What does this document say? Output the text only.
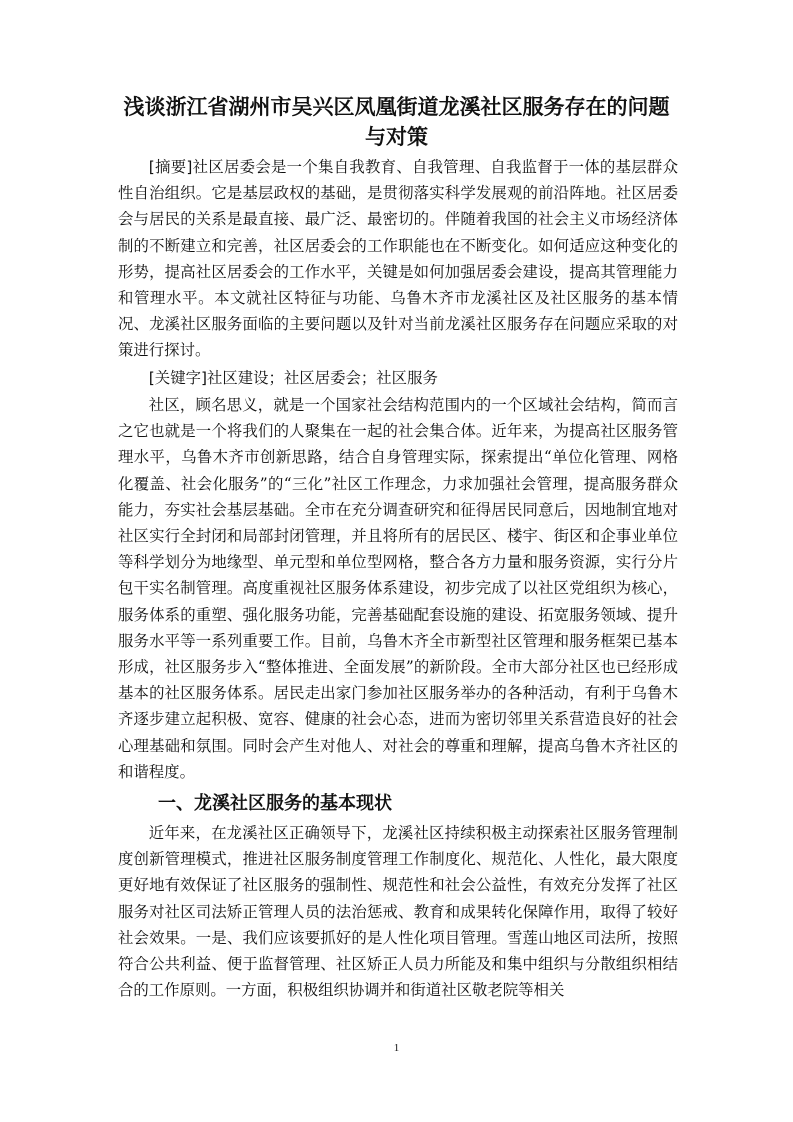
浅谈浙江省湖州市吴兴区凤凰街道龙溪社区服务存在的问题与对策

[摘要]社区居委会是一个集自我教育、自我管理、自我监督于一体的基层群众性自治组织。它是基层政权的基础，是贯彻落实科学发展观的前沿阵地。社区居委会与居民的关系是最直接、最广泛、最密切的。伴随着我国的社会主义市场经济体制的不断建立和完善，社区居委会的工作职能也在不断变化。如何适应这种变化的形势，提高社区居委会的工作水平，关键是如何加强居委会建设，提高其管理能力和管理水平。本文就社区特征与功能、乌鲁木齐市龙溪社区及社区服务的基本情况、龙溪社区服务面临的主要问题以及针对当前龙溪社区服务存在问题应采取的对策进行探讨。

[关键字]社区建设；社区居委会；社区服务

社区，顾名思义，就是一个国家社会结构范围内的一个区域社会结构，简而言之它也就是一个将我们的人聚集在一起的社会集合体。近年来，为提高社区服务管理水平，乌鲁木齐市创新思路，结合自身管理实际，探索提出“单位化管理、网格化覆盖、社会化服务”的“三化”社区工作理念，力求加强社会管理，提高服务群众能力，夯实社会基层基础。全市在充分调查研究和征得居民同意后，因地制宜地对社区实行全封闭和局部封闭管理，并且将所有的居民区、楼宇、街区和企事业单位等科学划分为地缘型、单元型和单位型网格，整合各方力量和服务资源，实行分片包干实名制管理。高度重视社区服务体系建设，初步完成了以社区党组织为核心，服务体系的重塑、强化服务功能，完善基础配套设施的建设、拓宽服务领域、提升服务水平等一系列重要工作。目前，乌鲁木齐全市新型社区管理和服务框架已基本形成，社区服务步入“整体推进、全面发展”的新阶段。全市大部分社区也已经形成基本的社区服务体系。居民走出家门参加社区服务举办的各种活动，有利于乌鲁木齐逐步建立起积极、宽容、健康的社会心态，进而为密切邻里关系营造良好的社会心理基础和氛围。同时会产生对他人、对社会的尊重和理解，提高乌鲁木齐社区的和谐程度。

一、龙溪社区服务的基本现状

近年来，在龙溪社区正确领导下，龙溪社区持续积极主动探索社区服务管理制度创新管理模式，推进社区服务制度管理工作制度化、规范化、人性化，最大限度更好地有效保证了社区服务的强制性、规范性和社会公益性，有效充分发挥了社区服务对社区司法矫正管理人员的法治惩戒、教育和成果转化保障作用，取得了较好社会效果。一是、我们应该要抓好的是人性化项目管理。雪莲山地区司法所，按照符合公共利益、便于监督管理、社区矫正人员力所能及和集中组织与分散组织相结合的工作原则。一方面，积极组织协调并和街道社区敬老院等相关

1
